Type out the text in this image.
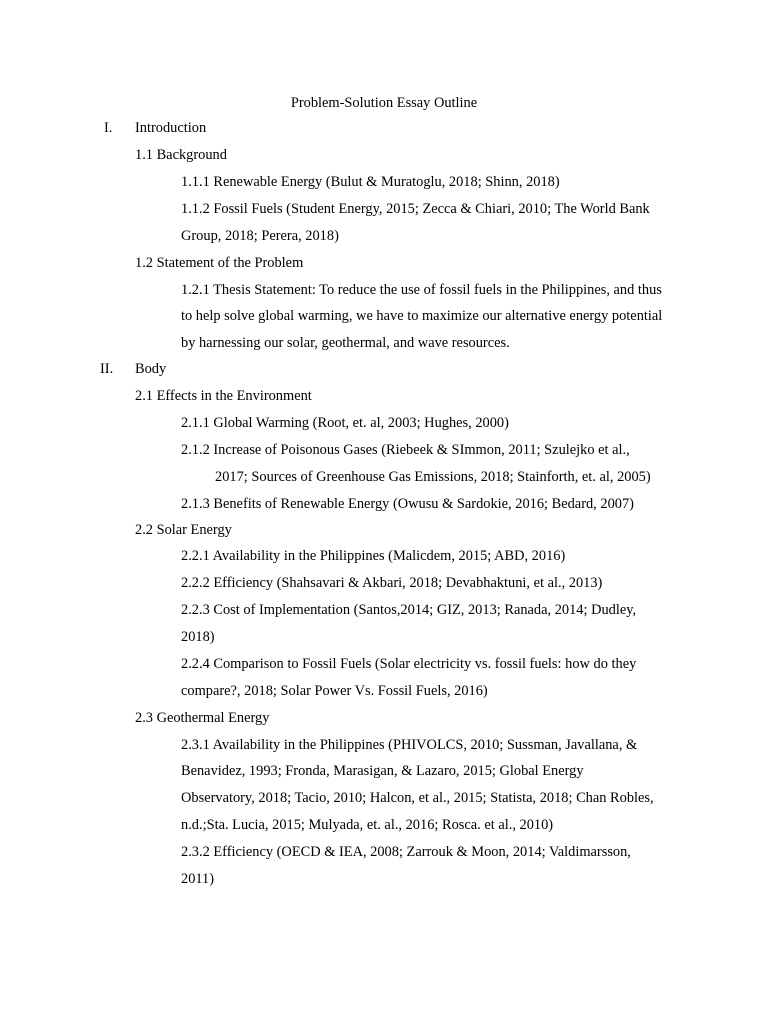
Problem-Solution Essay Outline
I. Introduction
1.1 Background
1.1.1 Renewable Energy (Bulut & Muratoglu, 2018; Shinn, 2018)
1.1.2 Fossil Fuels (Student Energy, 2015; Zecca & Chiari, 2010; The World Bank
Group, 2018; Perera, 2018)
1.2 Statement of the Problem
1.2.1 Thesis Statement: To reduce the use of fossil fuels in the Philippines, and thus
to help solve global warming, we have to maximize our alternative energy potential
by harnessing our solar, geothermal, and wave resources.
II. Body
2.1 Effects in the Environment
2.1.1 Global Warming (Root, et. al, 2003; Hughes, 2000)
2.1.2 Increase of Poisonous Gases (Riebeek & SImmon, 2011; Szulejko et al.,
2017; Sources of Greenhouse Gas Emissions, 2018; Stainforth, et. al, 2005)
2.1.3 Benefits of Renewable Energy (Owusu & Sardokie, 2016; Bedard, 2007)
2.2 Solar Energy
2.2.1 Availability in the Philippines (Malicdem, 2015; ABD, 2016)
2.2.2 Efficiency (Shahsavari & Akbari, 2018; Devabhaktuni, et al., 2013)
2.2.3 Cost of Implementation (Santos,2014; GIZ, 2013; Ranada, 2014; Dudley,
2018)
2.2.4 Comparison to Fossil Fuels (Solar electricity vs. fossil fuels: how do they
compare?, 2018; Solar Power Vs. Fossil Fuels, 2016)
2.3 Geothermal Energy
2.3.1 Availability in the Philippines (PHIVOLCS, 2010; Sussman, Javallana, &
Benavidez, 1993; Fronda, Marasigan, & Lazaro, 2015; Global Energy
Observatory, 2018; Tacio, 2010; Halcon, et al., 2015; Statista, 2018; Chan Robles,
n.d.;Sta. Lucia, 2015; Mulyada, et. al., 2016; Rosca. et al., 2010)
2.3.2 Efficiency (OECD & IEA, 2008; Zarrouk & Moon, 2014; Valdimarsson,
2011)
